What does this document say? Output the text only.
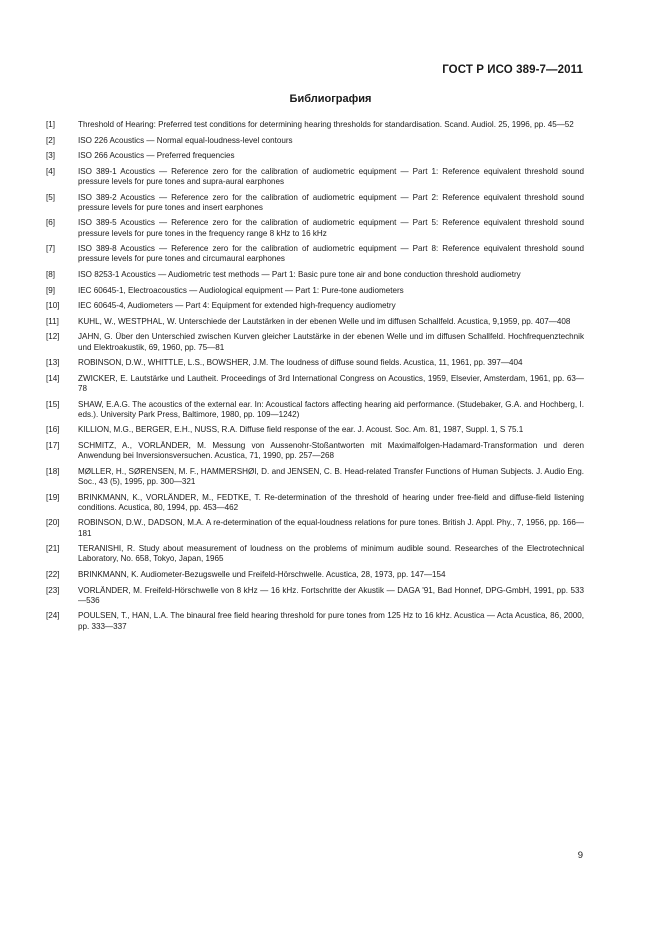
ГОСТ Р ИСО 389-7—2011
Библиография
[1]	Threshold of Hearing: Preferred test conditions for determining hearing thresholds for standardisation. Scand. Audiol. 25, 1996, pp. 45—52
[2]	ISO 226 Acoustics — Normal equal-loudness-level contours
[3]	ISO 266 Acoustics — Preferred frequencies
[4]	ISO 389-1 Acoustics — Reference zero for the calibration of audiometric equipment — Part 1: Reference equivalent threshold sound pressure levels for pure tones and supra-aural earphones
[5]	ISO 389-2 Acoustics — Reference zero for the calibration of audiometric equipment — Part 2: Reference equivalent threshold sound pressure levels for pure tones and insert earphones
[6]	ISO 389-5 Acoustics — Reference zero for the calibration of audiometric equipment — Part 5: Reference equivalent threshold sound pressure levels for pure tones in the frequency range 8 kHz to 16 kHz
[7]	ISO 389-8 Acoustics — Reference zero for the calibration of audiometric equipment — Part 8: Reference equivalent threshold sound pressure levels for pure tones and circumaural earphones
[8]	ISO 8253-1 Acoustics — Audiometric test methods — Part 1: Basic pure tone air and bone conduction threshold audiometry
[9]	IEC 60645-1, Electroacoustics — Audiological equipment — Part 1: Pure-tone audiometers
[10]	IEC 60645-4, Audiometers — Part 4: Equipment for extended high-frequency audiometry
[11]	KUHL, W., WESTPHAL, W. Unterschiede der Lautstärken in der ebenen Welle und im diffusen Schallfeld. Acustica, 9,1959, pp. 407—408
[12]	JAHN, G. Über den Unterschied zwischen Kurven gleicher Lautstärke in der ebenen Welle und im diffusen Schallfeld. Hochfrequenztechnik und Elektroakustik, 69, 1960, pp. 75—81
[13]	ROBINSON, D.W., WHITTLE, L.S., BOWSHER, J.M. The loudness of diffuse sound fields. Acustica, 11, 1961, pp. 397—404
[14]	ZWICKER, E. Lautstärke und Lautheit. Proceedings of 3rd International Congress on Acoustics, 1959, Elsevier, Amsterdam, 1961, pp. 63—78
[15]	SHAW, E.A.G. The acoustics of the external ear. In: Acoustical factors affecting hearing aid performance. (Studebaker, G.A. and Hochberg, I. eds.). University Park Press, Baltimore, 1980, pp. 109—1242)
[16]	KILLION, M.G., BERGER, E.H., NUSS, R.A. Diffuse field response of the ear. J. Acoust. Soc. Am. 81, 1987, Suppl. 1, S 75.1
[17]	SCHMITZ, A., VORLÄNDER, M. Messung von Aussenohr-Stoßantworten mit Maximalfolgen-Hadamard-Transformation und deren Anwendung bei Inversionsversuchen. Acustica, 71, 1990, pp. 257—268
[18]	MØLLER, H., SØRENSEN, M. F., HAMMERSHØI, D. and JENSEN, C. B. Head-related Transfer Functions of Human Subjects. J. Audio Eng. Soc., 43 (5), 1995, pp. 300—321
[19]	BRINKMANN, K., VORLÄNDER, M., FEDTKE, T. Re-determination of the threshold of hearing under free-field and diffuse-field listening conditions. Acustica, 80, 1994, pp. 453—462
[20]	ROBINSON, D.W., DADSON, M.A. A re-determination of the equal-loudness relations for pure tones. British J. Appl. Phy., 7, 1956, pp. 166—181
[21]	TERANISHI, R. Study about measurement of loudness on the problems of minimum audible sound. Researches of the Electrotechnical Laboratory, No. 658, Tokyo, Japan, 1965
[22]	BRINKMANN, K. Audiometer-Bezugswelle und Freifeld-Hörschwelle. Acustica, 28, 1973, pp. 147—154
[23]	VORLÄNDER, M. Freifeld-Hörschwelle von 8 kHz — 16 kHz. Fortschritte der Akustik — DAGA '91, Bad Honnef, DPG-GmbH, 1991, pp. 533—536
[24]	POULSEN, T., HAN, L.A. The binaural free field hearing threshold for pure tones from 125 Hz to 16 kHz. Acustica — Acta Acustica, 86, 2000, pp. 333—337
9
